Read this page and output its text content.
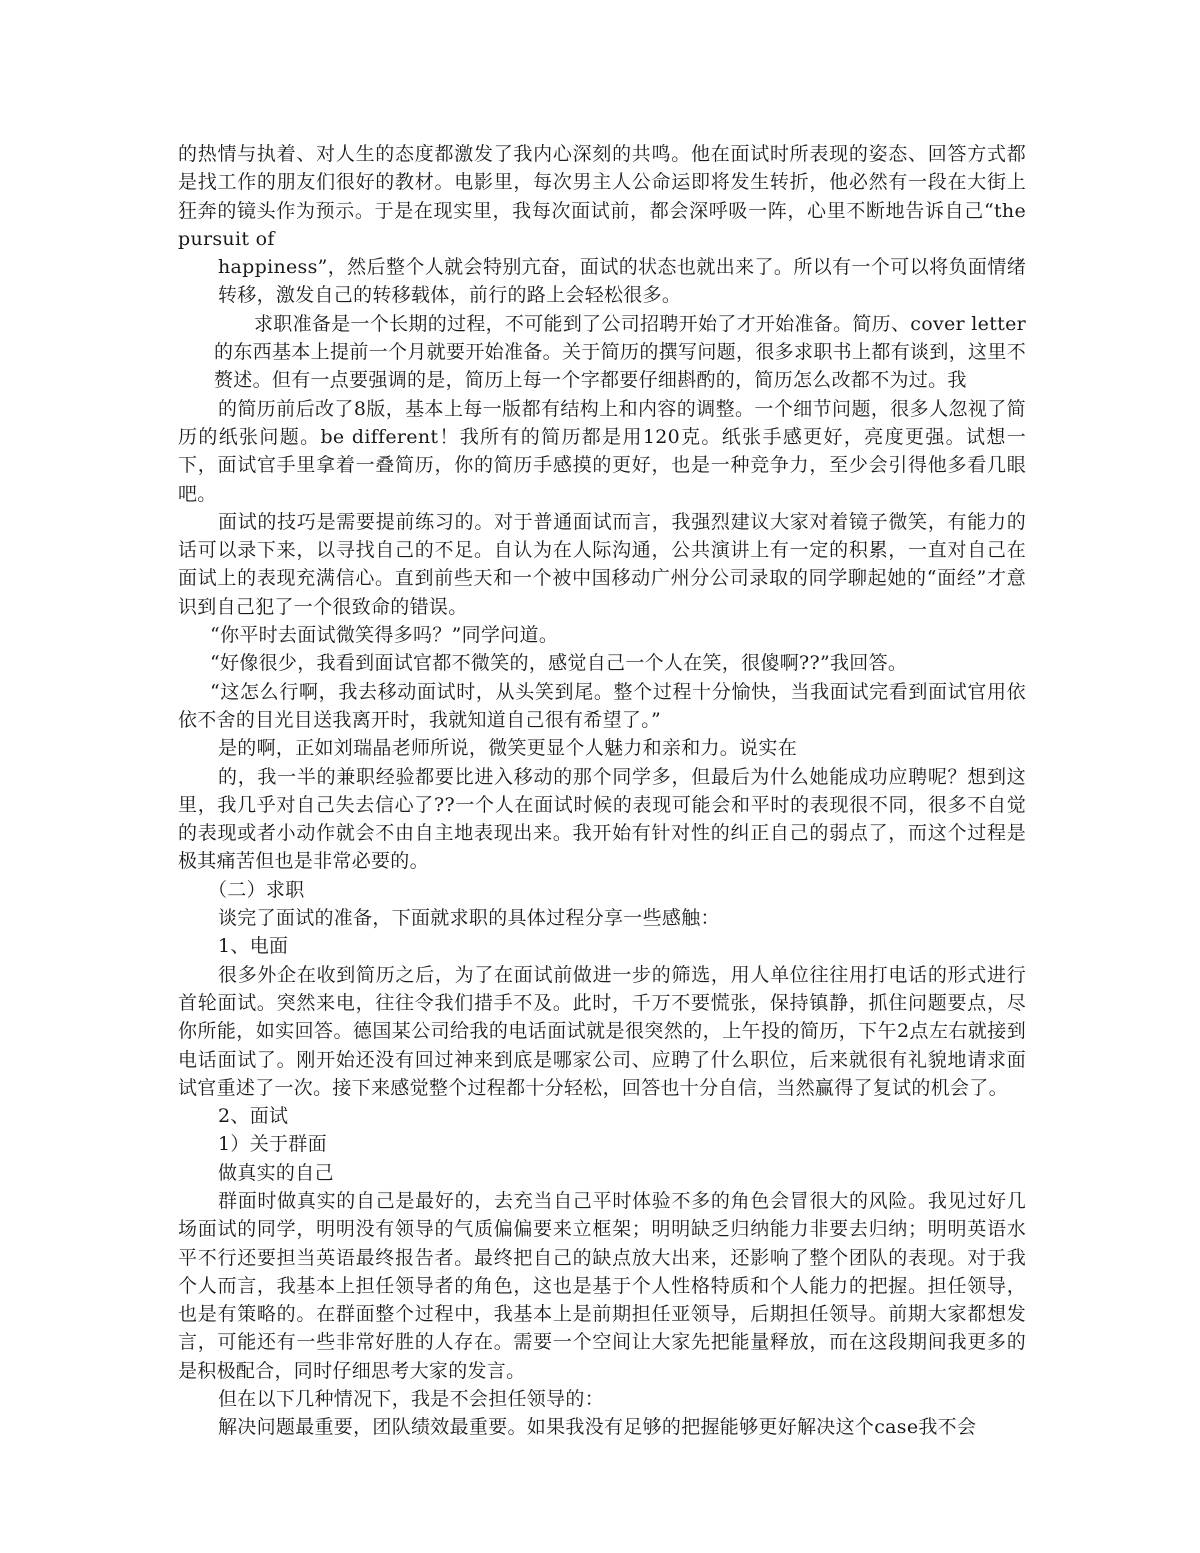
的热情与执着、对人生的态度都激发了我内心深刻的共鸣。他在面试时所表现的姿态、回答方式都是找工作的朋友们很好的教材。电影里，每次男主人公命运即将发生转折，他必然有一段在大街上狂奔的镜头作为预示。于是在现实里，我每次面试前，都会深呼吸一阵，心里不断地告诉自己“the pursuit of

happiness”，然后整个人就会特别亢奋，面试的状态也就出来了。所以有一个可以将负面情绪转移，激发自己的转移载体，前行的路上会轻松很多。

求职准备是一个长期的过程，不可能到了公司招聘开始了才开始准备。简历、cover letter的东西基本上提前一个月就要开始准备。关于简历的撰写问题，很多求职书上都有谈到，这里不赘述。但有一点要强调的是，简历上每一个字都要仔细斟酌的，简历怎么改都不为过。我

的简历前后改了8版，基本上每一版都有结构上和内容的调整。一个细节问题，很多人忽视了简历的纸张问题。be different！我所有的简历都是用120克。纸张手感更好，亮度更强。试想一下，面试官手里拿着一叠简历，你的简历手感摸的更好，也是一种竞争力，至少会引得他多看几眼吧。

面试的技巧是需要提前练习的。对于普通面试而言，我强烈建议大家对着镜子微笑，有能力的话可以录下来，以寻找自己的不足。自认为在人际沟通，公共演讲上有一定的积累，一直对自己在面试上的表现充满信心。直到前些天和一个被中国移动广州分公司录取的同学聊起她的“面经”才意识到自己犯了一个很致命的错误。

“你平时去面试微笑得多吗？”同学问道。

“好像很少，我看到面试官都不微笑的，感觉自己一个人在笑，很傻啊??”我回答。

“这怎么行啊，我去移动面试时，从头笑到尾。整个过程十分愉快，当我面试完看到面试官用依依不舍的目光目送我离开时，我就知道自己很有希望了。”

是的啊，正如刘瑞晶老师所说，微笑更显个人魅力和亲和力。说实在

的，我一半的兼职经验都要比进入移动的那个同学多，但最后为什么她能成功应聘呢？想到这里，我几乎对自己失去信心了??一个人在面试时候的表现可能会和平时的表现很不同，很多不自觉的表现或者小动作就会不由自主地表现出来。我开始有针对性的纠正自己的弱点了，而这个过程是极其痛苦但也是非常必要的。

（二）求职

谈完了面试的准备，下面就求职的具体过程分享一些感触：

1、电面

很多外企在收到简历之后，为了在面试前做进一步的筛选，用人单位往往用打电话的形式进行首轮面试。突然来电，往往令我们措手不及。此时，千万不要慌张，保持镇静，抓住问题要点，尽你所能，如实回答。德国某公司给我的电话面试就是很突然的，上午投的简历，下午2点左右就接到电话面试了。刚开始还没有回过神来到底是哪家公司、应聘了什么职位，后来就很有礼貌地请求面试官重述了一次。接下来感觉整个过程都十分轻松，回答也十分自信，当然赢得了复试的机会了。

2、面试

1）关于群面

做真实的自己

群面时做真实的自己是最好的，去充当自己平时体验不多的角色会冒很大的风险。我见过好几场面试的同学，明明没有领导的气质偏偏要来立框架；明明缺乏归纳能力非要去归纳；明明英语水平不行还要担当英语最终报告者。最终把自己的缺点放大出来，还影响了整个团队的表现。对于我个人而言，我基本上担任领导者的角色，这也是基于个人性格特质和个人能力的把握。担任领导，也是有策略的。在群面整个过程中，我基本上是前期担任亚领导，后期担任领导。前期大家都想发言，可能还有一些非常好胜的人存在。需要一个空间让大家先把能量释放，而在这段期间我更多的是积极配合，同时仔细思考大家的发言。

但在以下几种情况下，我是不会担任领导的：

解决问题最重要，团队绩效最重要。如果我没有足够的把握能够更好解决这个case我不会
